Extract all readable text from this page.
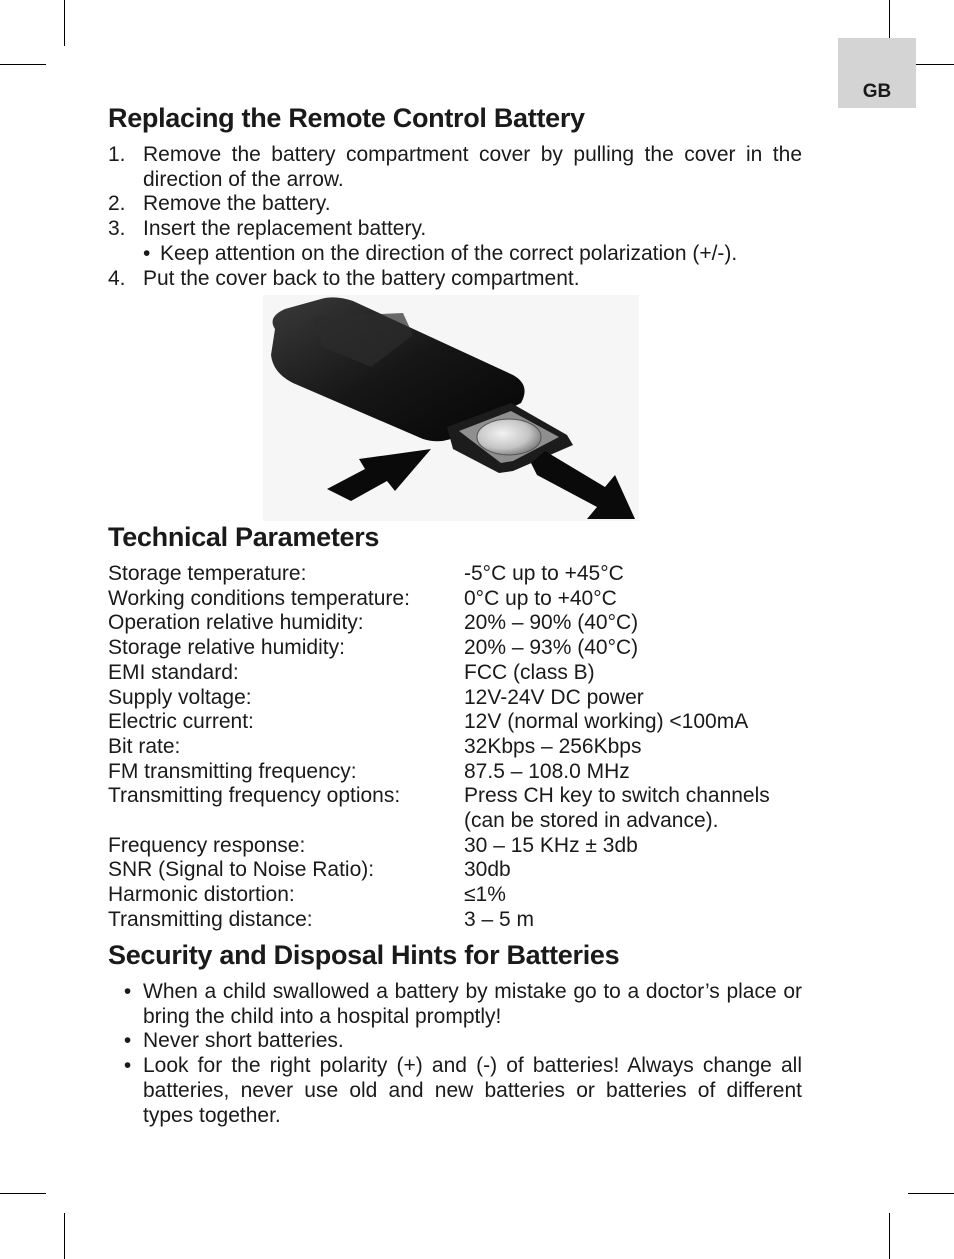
GB
Replacing the Remote Control Battery
1. Remove the battery compartment cover by pulling the cover in the direction of the arrow.
2. Remove the battery.
3. Insert the replacement battery.
• Keep attention on the direction of the correct polarization (+/-).
4. Put the cover back to the battery compartment.
Technical Parameters
Storage temperature:	-5°C up to +45°C
Working conditions temperature:	0°C up to +40°C
Operation relative humidity:	20% – 90% (40°C)
Storage relative humidity:	20% – 93% (40°C)
EMI standard:	FCC (class B)
Supply voltage:	12V-24V DC power
Electric current:	12V (normal working) <100mA
Bit rate:	32Kbps – 256Kbps
FM transmitting frequency:	87.5 – 108.0 MHz
Transmitting frequency options:	Press CH key to switch channels
(can be stored in advance).
Frequency response:	30 – 15 KHz ± 3db
SNR (Signal to Noise Ratio):	30db
Harmonic distortion:	≤1%
Transmitting distance:	3 – 5 m
Security and Disposal Hints for Batteries
• When a child swallowed a battery by mistake go to a doctor’s place or bring the child into a hospital promptly!
• Never short batteries.
• Look for the right polarity (+) and (-) of batteries! Always change all batteries, never use old and new batteries or batteries of different types together.
